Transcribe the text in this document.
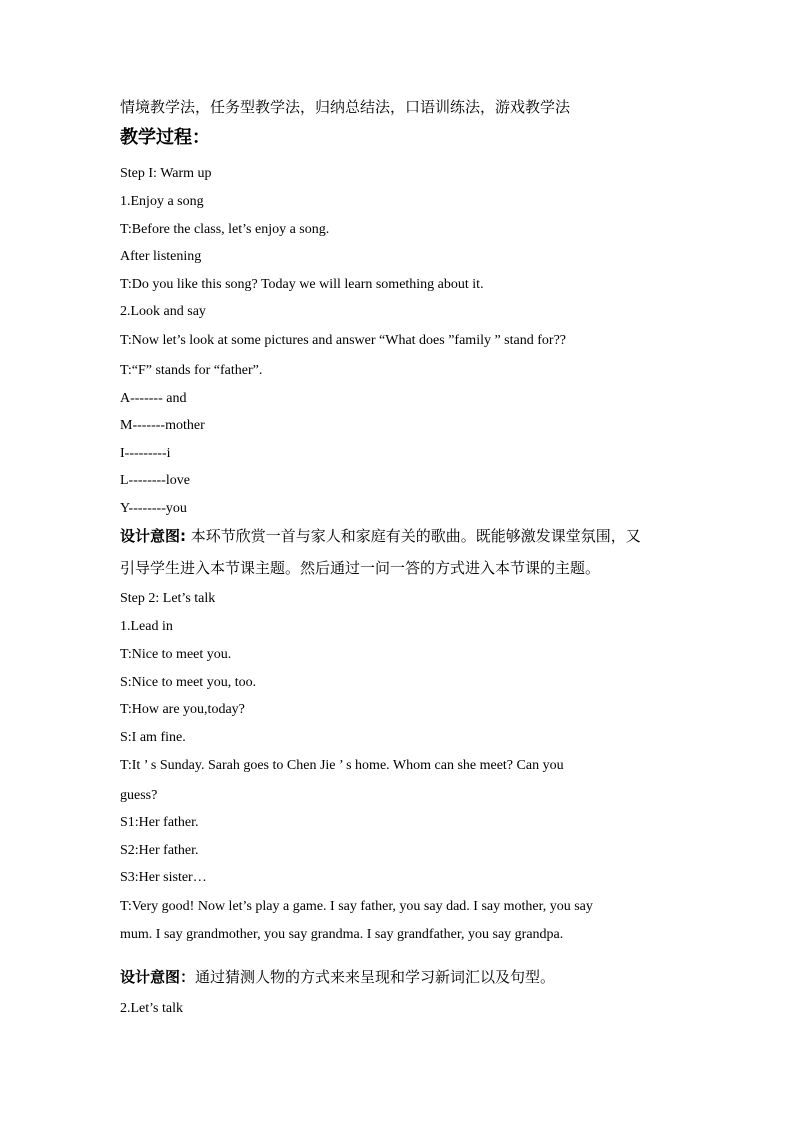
情境教学法，任务型教学法，归纳总结法，口语训练法，游戏教学法
教学过程：
Step I: Warm up
1.Enjoy a song
T:Before the class, let’s enjoy a song.
After listening
T:Do you like this song? Today we will learn something about it.
2.Look and say
T:Now let’s look at some pictures and answer “What does ”family ” stand for??
T:“F” stands for “father”.
A------- and
M-------mother
I---------i
L--------love
Y--------you
设计意图: 本环节欣赏一首与家人和家庭有关的歌曲。既能够激发课堂氛围，又
引导学生进入本节课主题。然后通过一问一答的方式进入本节课的主题。
Step 2: Let’s talk
1.Lead in
T:Nice to meet you.
S:Nice to meet you, too.
T:How are you,today?
S:I am fine.
T:It ’ s Sunday. Sarah goes to Chen Jie ’ s home. Whom can she meet? Can you
guess?
S1:Her father.
S2:Her father.
S3:Her sister…
T:Very good! Now let’s play a game. I say father, you say dad. I say mother, you say
mum. I say grandmother, you say grandma. I say grandfather, you say grandpa.
设计意图：通过猜测人物的方式来来呈现和学习新词汇以及句型。
2.Let’s talk
